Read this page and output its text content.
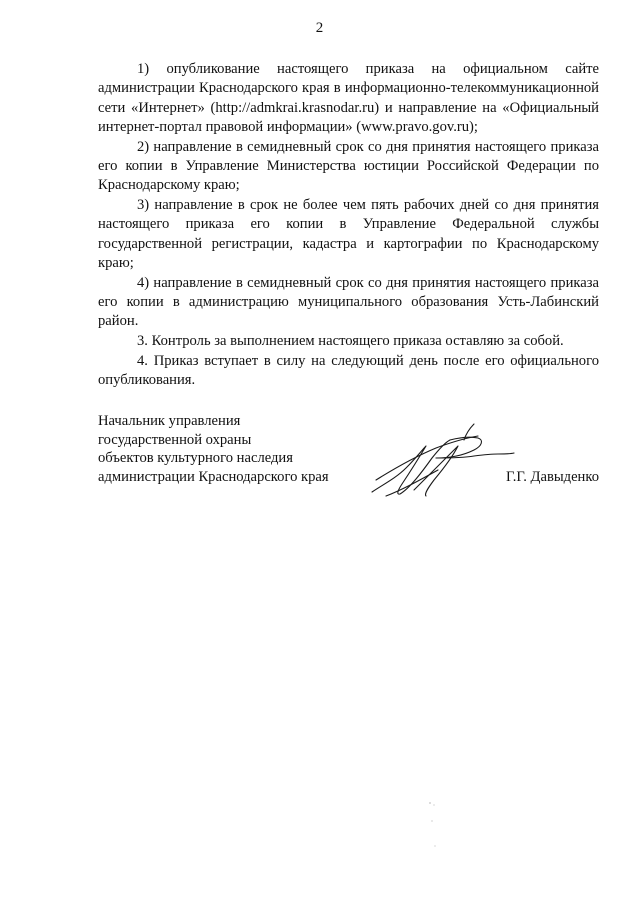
2

1) опубликование настоящего приказа на официальном сайте администрации Краснодарского края в информационно-телекоммуникационной сети «Интернет» (http://admkrai.krasnodar.ru) и направление на «Официальный интернет-портал правовой информации» (www.pravo.gov.ru);

2) направление в семидневный срок со дня принятия настоящего приказа его копии в Управление Министерства юстиции Российской Федерации по Краснодарскому краю;

3) направление в срок не более чем пять рабочих дней со дня принятия настоящего приказа его копии в Управление Федеральной службы государственной регистрации, кадастра и картографии по Краснодарскому краю;

4) направление в семидневный срок со дня принятия настоящего приказа его копии в администрацию муниципального образования Усть-Лабинский район.

3. Контроль за выполнением настоящего приказа оставляю за собой.

4. Приказ вступает в силу на следующий день после его официального опубликования.

Начальник управления
государственной охраны
объектов культурного наследия
администрации Краснодарского края	Г.Г. Давыденко
